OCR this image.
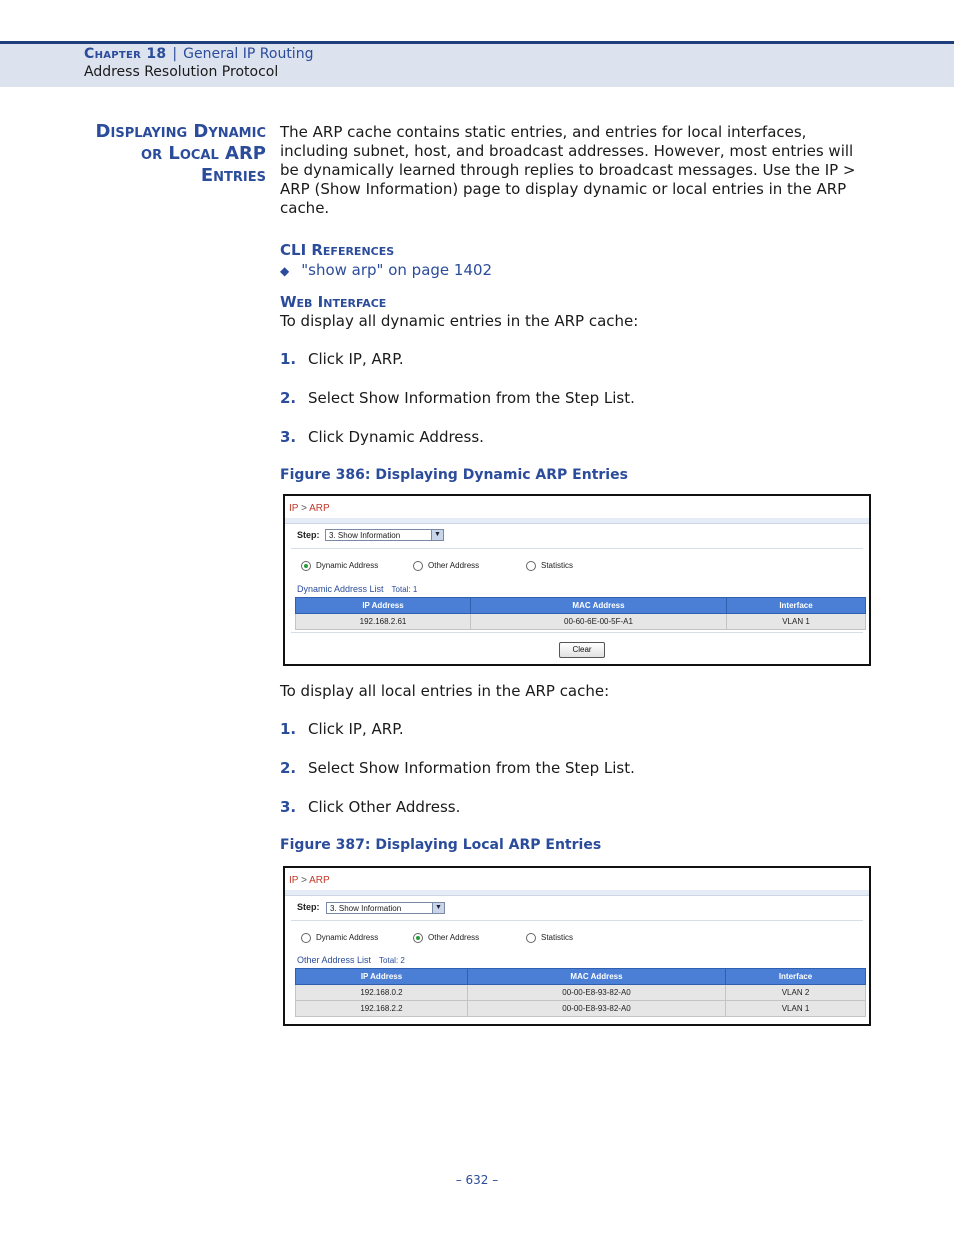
Chapter 18 | General IP Routing
Address Resolution Protocol
Displaying Dynamic
or Local ARP
Entries
The ARP cache contains static entries, and entries for local interfaces, including subnet, host, and broadcast addresses. However, most entries will be dynamically learned through replies to broadcast messages. Use the IP > ARP (Show Information) page to display dynamic or local entries in the ARP cache.
CLI References
◆ "show arp" on page 1402
Web Interface
To display all dynamic entries in the ARP cache:
1. Click IP, ARP.
2. Select Show Information from the Step List.
3. Click Dynamic Address.
Figure 386: Displaying Dynamic ARP Entries
IP > ARP
Step:	3. Show Information	▼
Dynamic Address	Other Address	Statistics
Dynamic Address List Total: 1
IP Address	MAC Address	Interface
192.168.2.61	00-60-6E-00-5F-A1	VLAN 1
Clear
To display all local entries in the ARP cache:
1. Click IP, ARP.
2. Select Show Information from the Step List.
3. Click Other Address.
Figure 387: Displaying Local ARP Entries
IP > ARP
Step:	3. Show Information	▼
Dynamic Address	Other Address	Statistics
Other Address List Total: 2
IP Address	MAC Address	Interface
192.168.0.2	00-00-E8-93-82-A0	VLAN 2
192.168.2.2	00-00-E8-93-82-A0	VLAN 1
– 632 –
